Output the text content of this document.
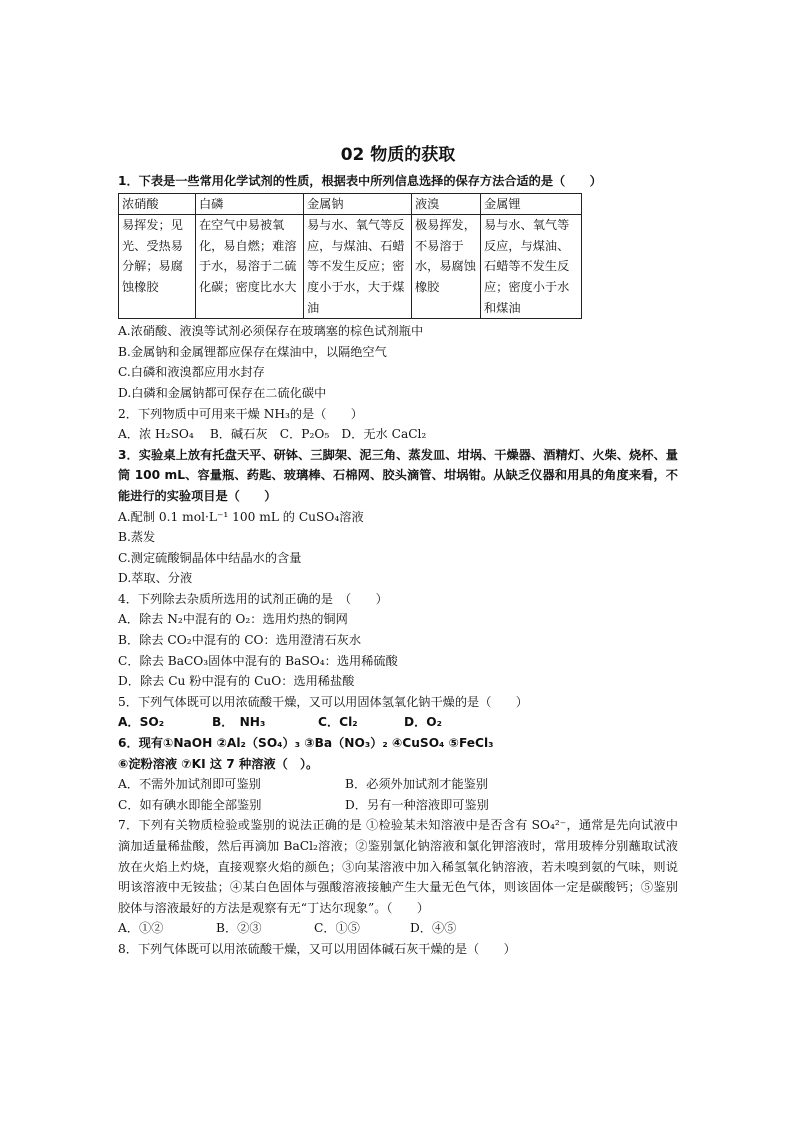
02 物质的获取
1．下表是一些常用化学试剂的性质，根据表中所列信息选择的保存方法合适的是（　　）
浓硝酸	白磷	金属钠	液溴	金属锂
易挥发；见光、受热易分解；易腐蚀橡胶	在空气中易被氧化，易自燃；难溶于水，易溶于二硫化碳；密度比水大	易与水、氧气等反应，与煤油、石蜡等不发生反应；密度小于水，大于煤油	极易挥发，不易溶于水，易腐蚀橡胶	易与水、氧气等反应，与煤油、石蜡等不发生反应；密度小于水和煤油
A.浓硝酸、液溴等试剂必须保存在玻璃塞的棕色试剂瓶中
B.金属钠和金属锂都应保存在煤油中，以隔绝空气
C.白磷和液溴都应用水封存
D.白磷和金属钠都可保存在二硫化碳中
2．下列物质中可用来干燥 NH₃的是（　　）
A．浓 H₂SO₄　 B．碱石灰　C．P₂O₅　D．无水 CaCl₂
3．实验桌上放有托盘天平、研钵、三脚架、泥三角、蒸发皿、坩埚、干燥器、酒精灯、火柴、烧杯、量筒 100 mL、容量瓶、药匙、玻璃棒、石棉网、胶头滴管、坩埚钳。从缺乏仪器和用具的角度来看，不能进行的实验项目是（　　）
A.配制 0.1 mol·L⁻¹ 100 mL 的 CuSO₄溶液
B.蒸发
C.测定硫酸铜晶体中结晶水的含量
D.萃取、分液
4．下列除去杂质所选用的试剂正确的是　（　　）
A．除去 N₂中混有的 O₂：选用灼热的铜网
B．除去 CO₂中混有的 CO：选用澄清石灰水
C．除去 BaCO₃固体中混有的 BaSO₄：选用稀硫酸
D．除去 Cu 粉中混有的 CuO：选用稀盐酸
5．下列气体既可以用浓硫酸干燥，又可以用固体氢氧化钠干燥的是（　　）
A．SO₂	B．　NH₃	C．Cl₂	D．O₂
6．现有①NaOH ②Al₂（SO₄）₃ ③Ba（NO₃）₂ ④CuSO₄ ⑤FeCl₃
⑥淀粉溶液 ⑦KI 这 7 种溶液（　）。
A．不需外加试剂即可鉴别	B．必须外加试剂才能鉴别
C．如有碘水即能全部鉴别	D．另有一种溶液即可鉴别
7．下列有关物质检验或鉴别的说法正确的是 ①检验某未知溶液中是否含有 SO₄²⁻，通常是先向试液中滴加适量稀盐酸，然后再滴加 BaCl₂溶液；②鉴别氯化钠溶液和氯化钾溶液时，常用玻棒分别蘸取试液放在火焰上灼烧，直接观察火焰的颜色；③向某溶液中加入稀氢氧化钠溶液，若未嗅到氨的气味，则说明该溶液中无铵盐；④某白色固体与强酸溶液接触产生大量无色气体，则该固体一定是碳酸钙；⑤鉴别胶体与溶液最好的方法是观察有无“丁达尔现象”。（　　）
A．①②	B．②③	C．①⑤	D．④⑤
8．下列气体既可以用浓硫酸干燥，又可以用固体碱石灰干燥的是（　　）
